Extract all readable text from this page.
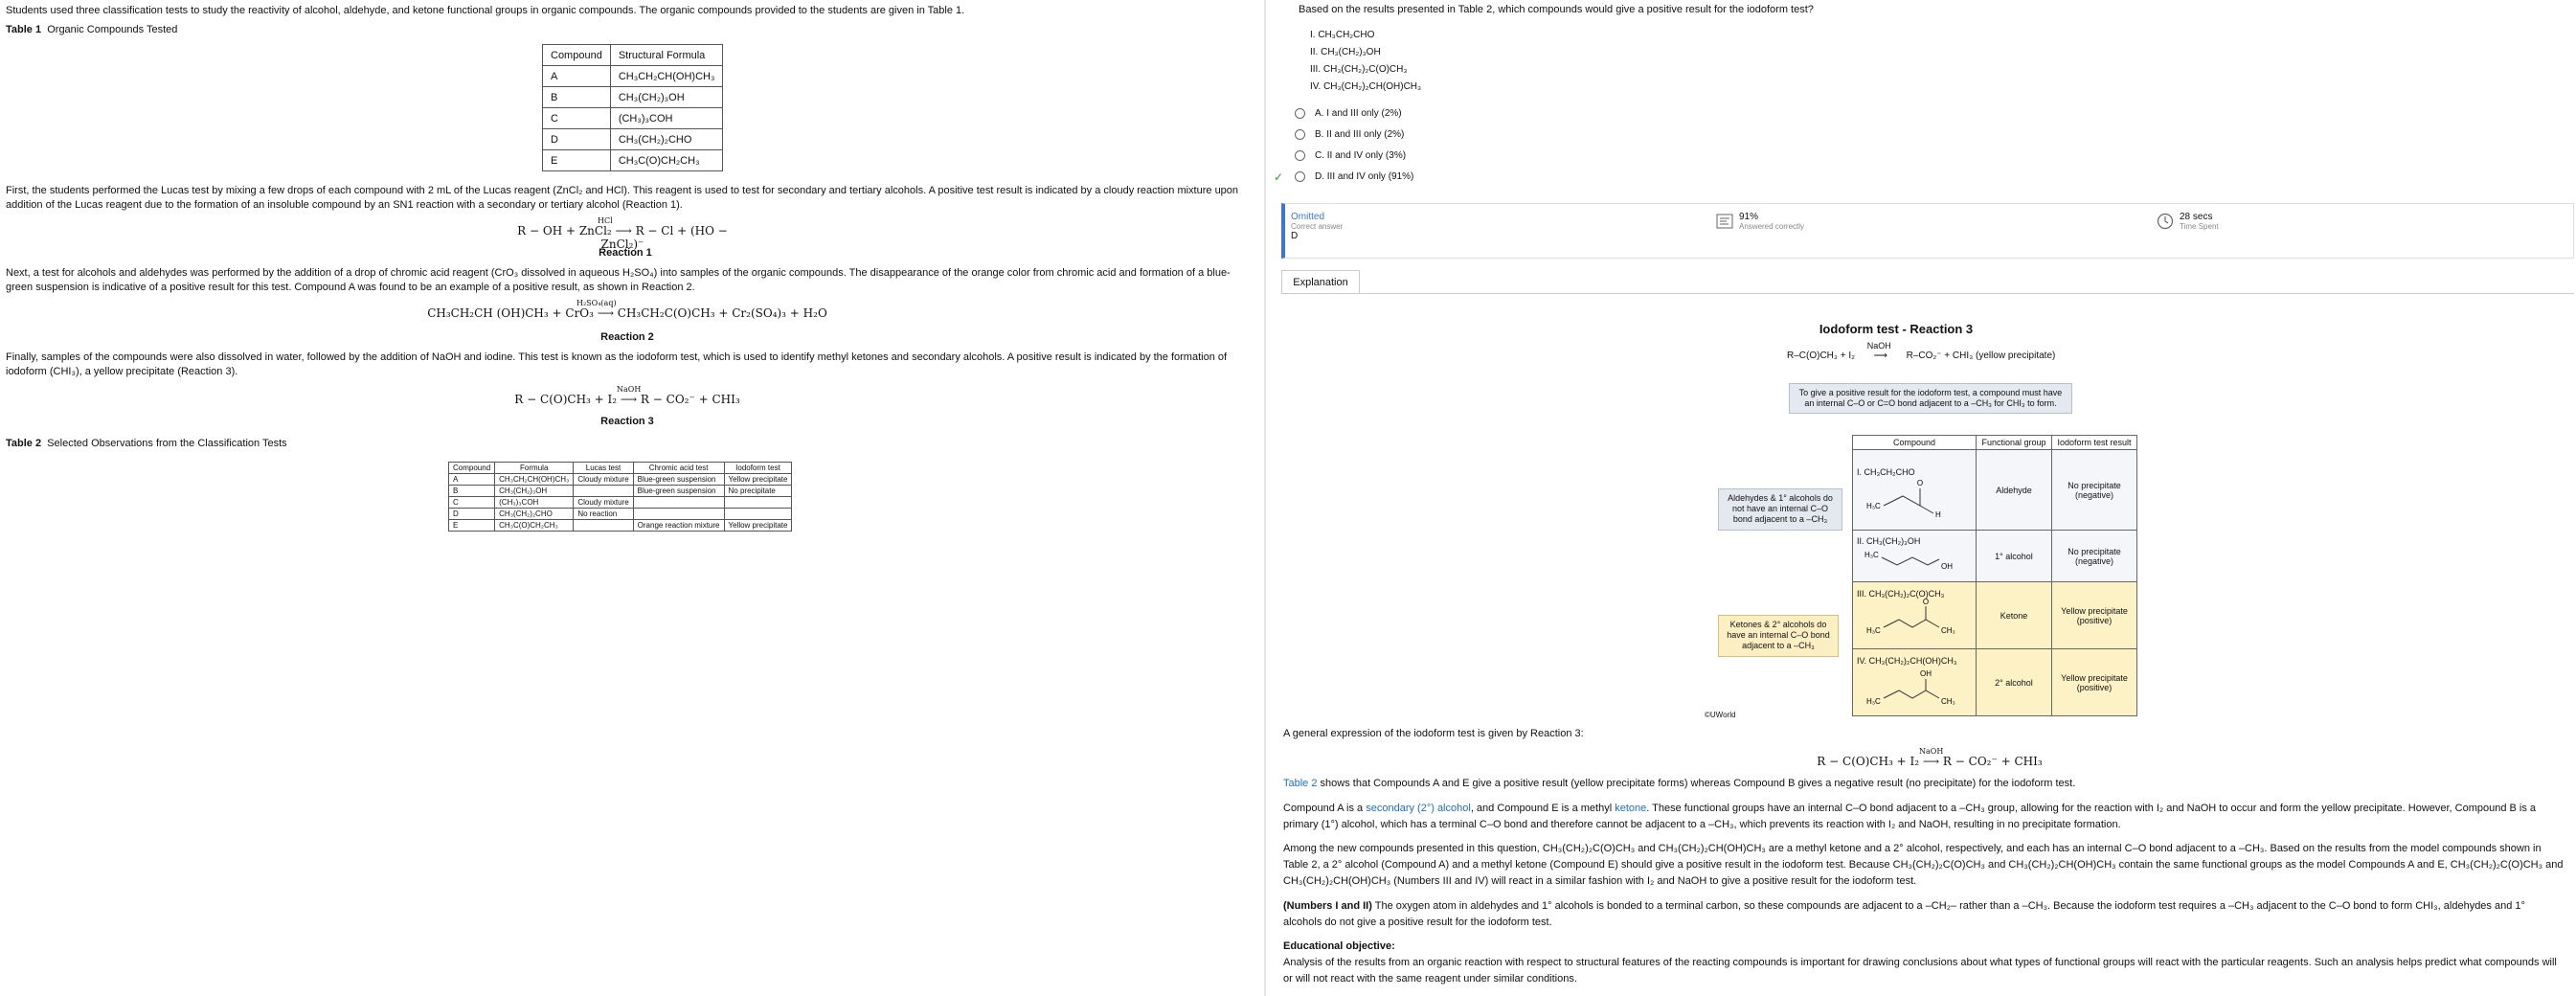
Students used three classification tests to study the reactivity of alcohol, aldehyde, and ketone functional groups in organic compounds. The organic compounds provided to the students are given in Table 1.
Table 1 Organic Compounds Tested
Compound	Structural Formula
A	CH₃CH₂CH(OH)CH₃
B	CH₃(CH₂)₃OH
C	(CH₃)₃COH
D	CH₃(CH₂)₂CHO
E	CH₃C(O)CH₂CH₃
First, the students performed the Lucas test by mixing a few drops of each compound with 2 mL of the Lucas reagent (ZnCl₂ and HCl). This reagent is used to test for secondary and tertiary alcohols. A positive test result is indicated by a cloudy reaction mixture upon addition of the Lucas reagent due to the formation of an insoluble compound by an SN1 reaction with a secondary or tertiary alcohol (Reaction 1).
HCl
R − OH + ZnCl₂ ⟶ R − Cl + (HO − ZnCl₂)⁻
Reaction 1
Next, a test for alcohols and aldehydes was performed by the addition of a drop of chromic acid reagent (CrO₃ dissolved in aqueous H₂SO₄) into samples of the organic compounds. The disappearance of the orange color from chromic acid and formation of a blue-green suspension is indicative of a positive result for this test. Compound A was found to be an example of a positive result, as shown in Reaction 2.
H₂SO₄(aq)
CH₃CH₂CH (OH)CH₃ + CrO₃ ⟶ CH₃CH₂C(O)CH₃ + Cr₂(SO₄)₃ + H₂O
Reaction 2
Finally, samples of the compounds were also dissolved in water, followed by the addition of NaOH and iodine. This test is known as the iodoform test, which is used to identify methyl ketones and secondary alcohols. A positive result is indicated by the formation of iodoform (CHI₃), a yellow precipitate (Reaction 3).
NaOH
R − C(O)CH₃ + I₂ ⟶ R − CO₂⁻ + CHI₃
Reaction 3
Table 2 Selected Observations from the Classification Tests
Compound	Formula	Lucas test	Chromic acid test	Iodoform test
A	CH₃CH₂CH(OH)CH₃	Cloudy mixture	Blue-green suspension	Yellow precipitate
B	CH₃(CH₂)₃OH		Blue-green suspension	No precipitate
C	(CH₃)₃COH	Cloudy mixture		
D	CH₃(CH₂)₂CHO	No reaction		
E	CH₃C(O)CH₂CH₃		Orange reaction mixture	Yellow precipitate
Based on the results presented in Table 2, which compounds would give a positive result for the iodoform test?
I. CH₃CH₂CHO
II. CH₃(CH₂)₃OH
III. CH₃(CH₂)₂C(O)CH₃
IV. CH₃(CH₂)₂CH(OH)CH₃
A. I and III only (2%)
B. II and III only (2%)
C. II and IV only (3%)
✓	D. III and IV only (91%)
Omitted
Correct answer
D
91%
Answered correctly
28 secs
Time Spent
Explanation
Iodoform test - Reaction 3
R–C(O)CH₃ + I₂
NaOH
⟶ R–CO₂⁻ + CHI₃ (yellow precipitate)
To give a positive result for the iodoform test, a compound must have an internal C–O or C=O bond adjacent to a –CH₃ for CHI₃ to form.
Aldehydes & 1° alcohols do not have an internal C–O bond adjacent to a –CH₃
Ketones & 2° alcohols do have an internal C–O bond adjacent to a –CH₃
Compound	Functional group	Iodoform test result

I. CH₃CH₂CHO
O
H₃C
H	Aldehyde	No precipitate (negative)

II. CH₃(CH₂)₃OH
H₃C
OH	1° alcohol	No precipitate (negative)

III. CH₃(CH₂)₂C(O)CH₃
O
H₃C CH₃	Ketone	Yellow precipitate (positive)

IV. CH₃(CH₂)₂CH(OH)CH₃
OH
H₃C CH₃	2° alcohol	Yellow precipitate (positive)
©UWorld
A general expression of the iodoform test is given by Reaction 3:
NaOH
R − C(O)CH₃ + I₂ ⟶ R − CO₂⁻ + CHI₃
Table 2 shows that Compounds A and E give a positive result (yellow precipitate forms) whereas Compound B gives a negative result (no precipitate) for the iodoform test.
Compound A is a secondary (2°) alcohol, and Compound E is a methyl ketone. These functional groups have an internal C–O bond adjacent to a –CH₃ group, allowing for the reaction with I₂ and NaOH to occur and form the yellow precipitate. However, Compound B is a primary (1°) alcohol, which has a terminal C–O bond and therefore cannot be adjacent to a –CH₃, which prevents its reaction with I₂ and NaOH, resulting in no precipitate formation.
Among the new compounds presented in this question, CH₃(CH₂)₂C(O)CH₃ and CH₃(CH₂)₂CH(OH)CH₃ are a methyl ketone and a 2° alcohol, respectively, and each has an internal C–O bond adjacent to a –CH₃. Based on the results from the model compounds shown in Table 2, a 2° alcohol (Compound A) and a methyl ketone (Compound E) should give a positive result in the iodoform test. Because CH₃(CH₂)₂C(O)CH₃ and CH₃(CH₂)₂CH(OH)CH₃ contain the same functional groups as the model Compounds A and E, CH₃(CH₂)₂C(O)CH₃ and CH₃(CH₂)₂CH(OH)CH₃ (Numbers III and IV) will react in a similar fashion with I₂ and NaOH to give a positive result for the iodoform test.
(Numbers I and II) The oxygen atom in aldehydes and 1° alcohols is bonded to a terminal carbon, so these compounds are adjacent to a –CH₂– rather than a –CH₃. Because the iodoform test requires a –CH₃ adjacent to the C–O bond to form CHI₃, aldehydes and 1° alcohols do not give a positive result for the iodoform test.
Educational objective:
Analysis of the results from an organic reaction with respect to structural features of the reacting compounds is important for drawing conclusions about what types of functional groups will react with the particular reagents. Such an analysis helps predict what compounds will or will not react with the same reagent under similar conditions.
